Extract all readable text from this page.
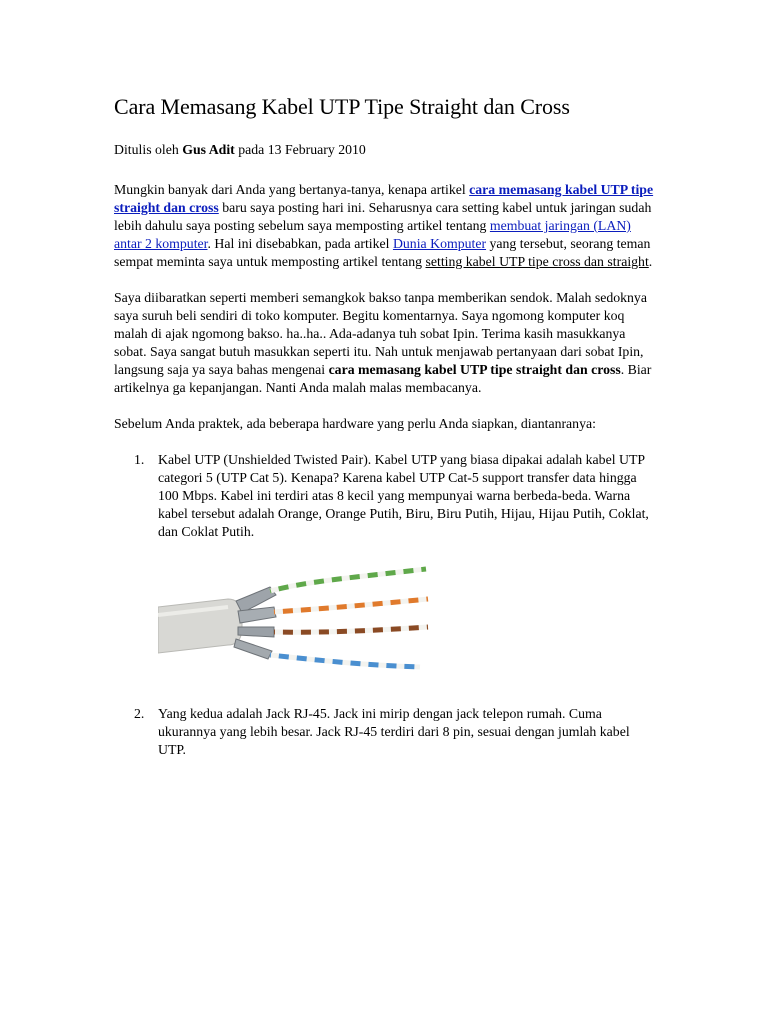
Cara Memasang Kabel UTP Tipe Straight dan Cross
Ditulis oleh Gus Adit pada 13 February 2010

Mungkin banyak dari Anda yang bertanya-tanya, kenapa artikel cara memasang kabel UTP tipe straight dan cross baru saya posting hari ini. Seharusnya cara setting kabel untuk jaringan sudah lebih dahulu saya posting sebelum saya memposting artikel tentang membuat jaringan (LAN) antar 2 komputer. Hal ini disebabkan, pada artikel Dunia Komputer yang tersebut, seorang teman sempat meminta saya untuk memposting artikel tentang setting kabel UTP tipe cross dan straight.

Saya diibaratkan seperti memberi semangkok bakso tanpa memberikan sendok. Malah sedoknya saya suruh beli sendiri di toko komputer. Begitu komentarnya. Saya ngomong komputer koq malah di ajak ngomong bakso. ha..ha.. Ada-adanya tuh sobat Ipin. Terima kasih masukkanya sobat. Saya sangat butuh masukkan seperti itu. Nah untuk menjawab pertanyaan dari sobat Ipin, langsung saja ya saya bahas mengenai cara memasang kabel UTP tipe straight dan cross. Biar artikelnya ga kepanjangan. Nanti Anda malah malas membacanya.

Sebelum Anda praktek, ada beberapa hardware yang perlu Anda siapkan, diantanranya:

1. Kabel UTP (Unshielded Twisted Pair). Kabel UTP yang biasa dipakai adalah kabel UTP categori 5 (UTP Cat 5). Kenapa? Karena kabel UTP Cat-5 support transfer data hingga 100 Mbps. Kabel ini terdiri atas 8 kecil yang mempunyai warna berbeda-beda. Warna kabel tersebut adalah Orange, Orange Putih, Biru, Biru Putih, Hijau, Hijau Putih, Coklat, dan Coklat Putih.
2. Yang kedua adalah Jack RJ-45. Jack ini mirip dengan jack telepon rumah. Cuma ukurannya yang lebih besar. Jack RJ-45 terdiri dari 8 pin, sesuai dengan jumlah kabel UTP.
